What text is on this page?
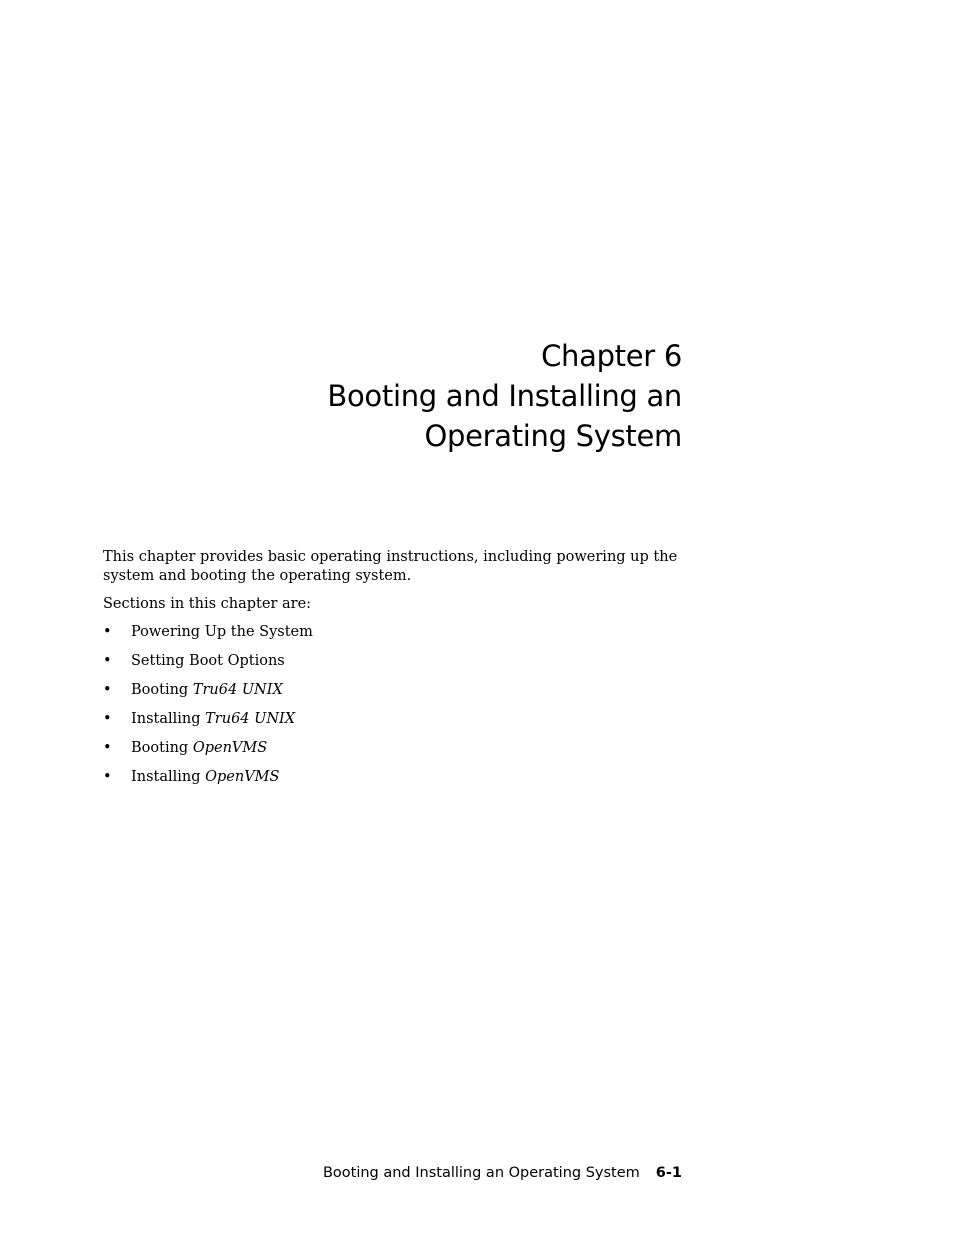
Chapter 6
Booting and Installing an
Operating System

This chapter provides basic operating instructions, including powering up the system and booting the operating system.

Sections in this chapter are:

• Powering Up the System
• Setting Boot Options
• Booting Tru64 UNIX
• Installing Tru64 UNIX
• Booting OpenVMS
• Installing OpenVMS
Booting and Installing an Operating System 6-1
